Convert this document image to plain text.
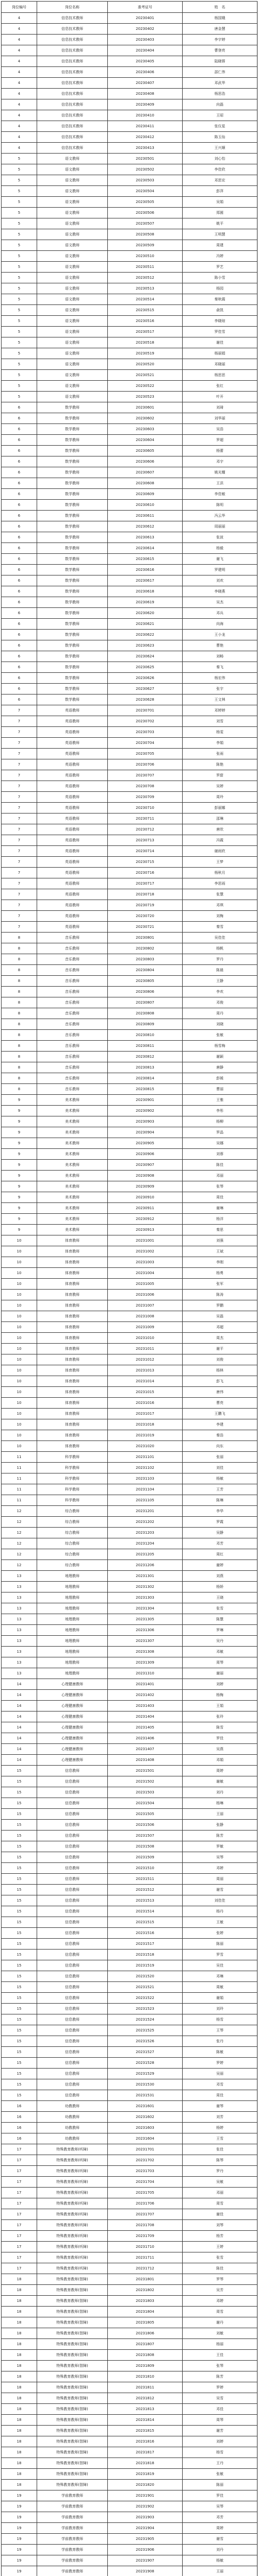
岗位编号	岗位名称	准考证号	姓　名
4	信息技术教师	20230401	杨国娥
4	信息技术教师	20230402	唐金慧
4	信息技术教师	20230403	李宇婷
4	信息技术教师	20230404	曹登亮
4	信息技术教师	20230405	陆晓蓉
4	信息技术教师	20230406	邵仁伟
4	信息技术教师	20230407	邓武华
4	信息技术教师	20230408	杨思浩
4	信息技术教师	20230409	向磊
4	信息技术教师	20230410	王昭
4	信息技术教师	20230411	张仪星
4	信息技术教师	20230412	陈玉仙
4	信息技术教师	20230413	王兴顺
5	语文教师	20230501	刘心怡
5	语文教师	20230502	李佳欣
5	语文教师	20230503	邓思宏
5	语文教师	20230504	彭萍
5	语文教师	20230505	吴娟
5	语文教师	20230506	郑圆
5	语文教师	20230507	姚平
5	语文教师	20230508	王明慧
5	语文教师	20230509	周建
5	语文教师	20230510	冯婷
5	语文教师	20230511	罗艺
5	语文教师	20230512	陈小雪
5	语文教师	20230513	杨园
5	语文教师	20230514	秦秋霞
5	语文教师	20230515	俞凯
5	语文教师	20230516	李晓琼
5	语文教师	20230517	罗佳雪
5	语文教师	20230518	谢佳
5	语文教师	20230519	杨丽娟
5	语文教师	20230520	邓晓丽
5	语文教师	20230521	杨思思
5	语文教师	20230522	张红
5	语文教师	20230523	叶开
6	数学教师	20230601	刘琦
6	数学教师	20230602	刘华丽
6	数学教师	20230603	吴浩
6	数学教师	20230604	罗超
6	数学教师	20230605	杨蕾
6	数学教师	20230606	邓宇
6	数学教师	20230607	姚光耀
6	数学教师	20230608	王洪
6	数学教师	20230609	李佳敏
6	数学教师	20230610	陈明
6	数学教师	20230611	冯云华
6	数学教师	20230612	周丽丽
6	数学教师	20230613	张波
6	数学教师	20230614	杨毅
6	数学教师	20230615	谢飞
6	数学教师	20230616	罗建明
6	数学教师	20230617	刘欢
6	数学教师	20230618	李晓燕
6	数学教师	20230619	吴杰
6	数学教师	20230620	邓兵
6	数学教师	20230621	向海
6	数学教师	20230622	王小龙
6	数学教师	20230623	曹艳
6	数学教师	20230624	刘畅
6	数学教师	20230625	秦飞
6	数学教师	20230626	杨宏伟
6	数学教师	20230627	张宇
6	数学教师	20230628	王文林
7	英语教师	20230701	邓婷婷
7	英语教师	20230702	刘雪
7	英语教师	20230703	杨雯
7	英语教师	20230704	李娟
7	英语教师	20230705	张雨
7	英语教师	20230706	陈艳
7	英语教师	20230707	罗甜
7	英语教师	20230708	吴婷
7	英语教师	20230709	周玲
7	英语教师	20230710	彭丽娜
7	英语教师	20230711	邵琳
7	英语教师	20230712	唐欣
7	英语教师	20230713	冯霞
7	英语教师	20230714	谢雨欣
7	英语教师	20230715	王梦
7	英语教师	20230716	杨秋月
7	英语教师	20230717	李思雨
7	英语教师	20230718	张慧
7	英语教师	20230719	邓琪
7	英语教师	20230720	刘梅
7	英语教师	20230721	秦雪
8	音乐教师	20230801	吴佳佳
8	音乐教师	20230802	杨帆
8	音乐教师	20230803	罗丹
8	音乐教师	20230804	陈晨
8	音乐教师	20230805	王静
8	音乐教师	20230806	李欢
8	音乐教师	20230807	邓俊
8	音乐教师	20230808	周丹
8	音乐教师	20230809	刘晓
8	音乐教师	20230810	张敏
8	音乐教师	20230811	杨雪梅
8	音乐教师	20230812	谢颖
8	音乐教师	20230813	唐静
8	音乐教师	20230814	彭媛
8	音乐教师	20230815	曹丽
9	美术教师	20230901	王雅
9	美术教师	20230902	李彤
9	美术教师	20230903	杨柳
9	美术教师	20230904	罗晶
9	美术教师	20230905	吴娜
9	美术教师	20230906	刘蓉
9	美术教师	20230907	陈佳
9	美术教师	20230908	邓丽
9	美术教师	20230909	张琴
9	美术教师	20230910	周佳
9	美术教师	20230911	谢琳
9	美术教师	20230912	杨洋
9	美术教师	20230913	秦思
10	体育教师	20231001	刘强
10	体育教师	20231002	王斌
10	体育教师	20231003	李刚
10	体育教师	20231004	杨勇
10	体育教师	20231005	张军
10	体育教师	20231006	陈涛
10	体育教师	20231007	罗鹏
10	体育教师	20231008	吴磊
10	体育教师	20231009	邓超
10	体育教师	20231010	周杰
10	体育教师	20231011	谢平
10	体育教师	20231012	刘俊
10	体育教师	20231013	杨林
10	体育教师	20231014	彭飞
10	体育教师	20231015	唐伟
10	体育教师	20231016	曹亮
10	体育教师	20231017	王鹏飞
10	体育教师	20231018	李建
10	体育教师	20231019	秦浩
10	体育教师	20231020	向东
11	科学教师	20231101	张丽
11	科学教师	20231102	刘佳
11	科学教师	20231103	杨敏
11	科学教师	20231104	王芳
11	科学教师	20231105	陈琳
12	综合教师	20231201	李华
12	综合教师	20231202	罗霞
12	综合教师	20231203	吴静
12	综合教师	20231204	邓芳
12	综合教师	20231205	周红
12	综合教师	20231206	谢婷
13	地理教师	20231301	刘燕
13	地理教师	20231302	杨娇
13	地理教师	20231303	王晓
13	地理教师	20231304	张雪
13	地理教师	20231305	陈慧
13	地理教师	20231306	罗琳
13	地理教师	20231307	吴丹
13	地理教师	20231308	邓敏
13	地理教师	20231309	周琴
13	地理教师	20231310	谢丽
14	心理健康教师	20231401	刘婷
14	心理健康教师	20231402	杨梅
14	心理健康教师	20231403	王娟
14	心理健康教师	20231404	张玲
14	心理健康教师	20231405	陈雪
14	心理健康教师	20231406	罗佳
14	心理健康教师	20231407	吴燕
14	心理健康教师	20231408	邓娟
15	信息教师	20231501	周婷
15	信息教师	20231502	谢敏
15	信息教师	20231503	刘丹
15	信息教师	20231504	杨琳
15	信息教师	20231505	王丽
15	信息教师	20231506	张静
15	信息教师	20231507	陈芳
15	信息教师	20231508	罗敏
15	信息教师	20231509	吴琴
15	信息教师	20231510	邓婷
15	信息教师	20231511	周丽
15	信息教师	20231512	谢雪
15	信息教师	20231513	刘佳佳
15	信息教师	20231514	杨丹
15	信息教师	20231515	王敏
15	信息教师	20231516	张婷
15	信息教师	20231517	陈丽
15	信息教师	20231518	罗雪
15	信息教师	20231519	吴佳
15	信息教师	20231520	邓琳
15	信息教师	20231521	周敏
15	信息教师	20231522	谢娟
15	信息教师	20231523	刘玲
15	信息教师	20231524	杨雪
15	信息教师	20231525	王琴
15	信息教师	20231526	张丹
15	信息教师	20231527	陈敏
15	信息教师	20231528	罗婷
15	信息教师	20231529	吴丽
15	信息教师	20231530	邓雪
15	信息教师	20231531	周佳
16	幼教教师	20231601	谢琴
16	幼教教师	20231602	刘芳
16	幼教教师	20231603	杨婷
16	幼教教师	20231604	王雪
17	特殊教育教师(听障)	20231701	张佳
17	特殊教育教师(听障)	20231702	陈琴
17	特殊教育教师(听障)	20231703	罗丹
17	特殊教育教师(听障)	20231704	吴敏
17	特殊教育教师(听障)	20231705	邓丽
17	特殊教育教师(听障)	20231706	周雪
17	特殊教育教师(听障)	20231707	谢佳
17	特殊教育教师(听障)	20231708	刘琴
17	特殊教育教师(听障)	20231709	杨芳
17	特殊教育教师(听障)	20231710	王婷
17	特殊教育教师(听障)	20231711	张雪
17	特殊教育教师(听障)	20231712	陈佳
18	特殊教育教师(智障)	20231801	罗琴
18	特殊教育教师(智障)	20231802	吴芳
18	特殊教育教师(智障)	20231803	邓婷
18	特殊教育教师(智障)	20231804	周雪
18	特殊教育教师(智障)	20231805	谢丹
18	特殊教育教师(智障)	20231806	刘敏
18	特殊教育教师(智障)	20231807	杨丽
18	特殊教育教师(智障)	20231808	王佳
18	特殊教育教师(智障)	20231809	张琴
18	特殊教育教师(智障)	20231810	陈芳
18	特殊教育教师(智障)	20231811	罗婷
18	特殊教育教师(智障)	20231812	吴雪
18	特殊教育教师(智障)	20231813	邓佳
18	特殊教育教师(智障)	20231814	周琴
18	特殊教育教师(智障)	20231815	谢芳
18	特殊教育教师(智障)	20231816	刘婷
18	特殊教育教师(智障)	20231817	杨雪
18	特殊教育教师(智障)	20231818	王丹
18	特殊教育教师(智障)	20231819	张敏
18	特殊教育教师(智障)	20231820	陈丽
19	学前教育教师	20231901	罗佳
19	学前教育教师	20231902	吴琴
19	学前教育教师	20231903	邓芳
19	学前教育教师	20231904	周婷
19	学前教育教师	20231905	谢雪
19	学前教育教师	20231906	刘丹
19	学前教育教师	20231907	杨敏
19	学前教育教师	20231908	王丽
